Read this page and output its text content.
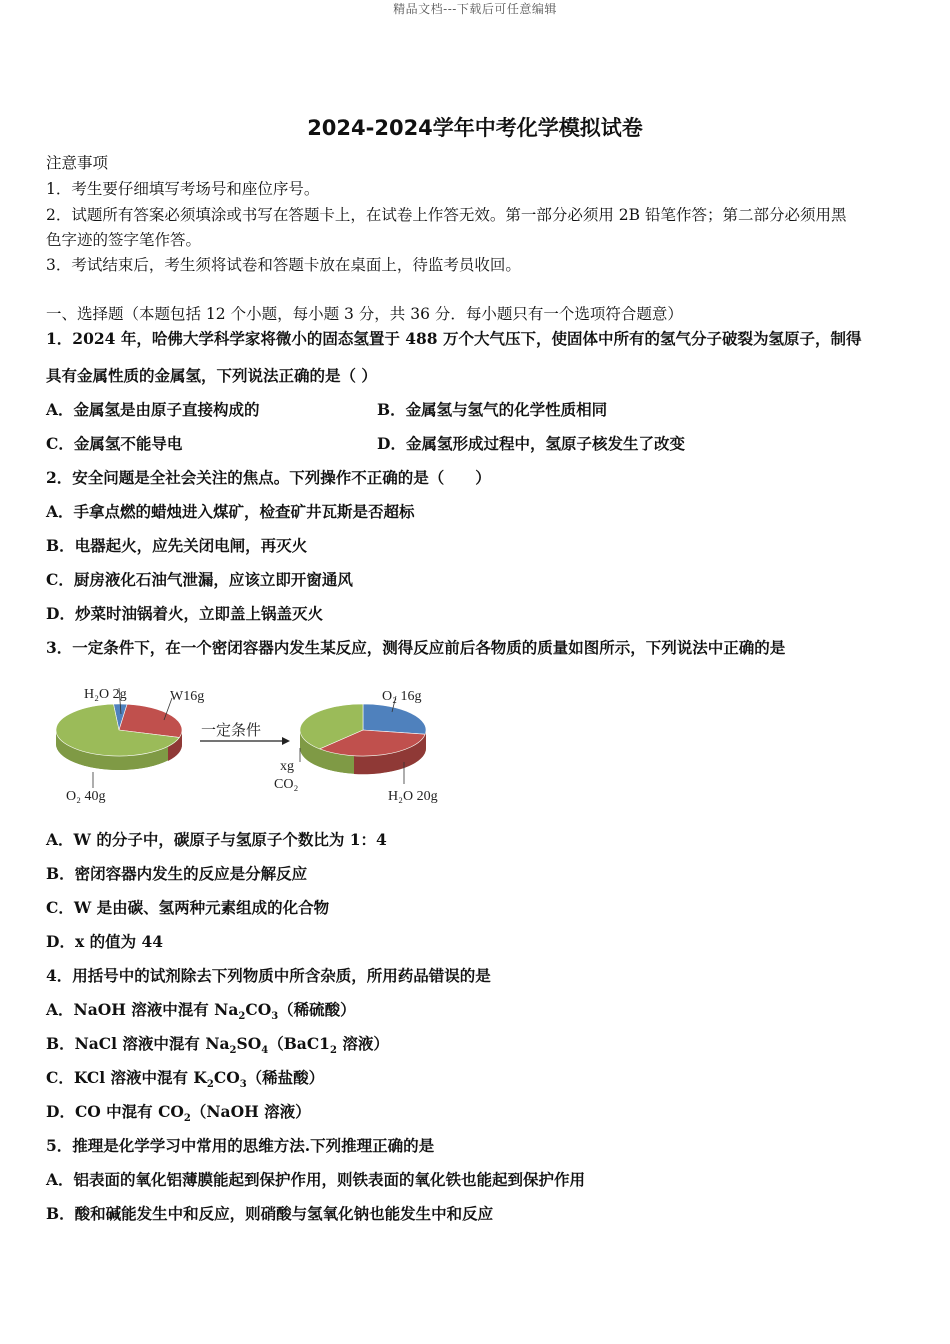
精品文档---下载后可任意编辑
2024-2024学年中考化学模拟试卷
注意事项
1．考生要仔细填写考场号和座位序号。
2．试题所有答案必须填涂或书写在答题卡上，在试卷上作答无效。第一部分必须用 2B 铅笔作答；第二部分必须用黑
色字迹的签字笔作答。
3．考试结束后，考生须将试卷和答题卡放在桌面上，待监考员收回。
一、选择题（本题包括 12 个小题，每小题 3 分，共 36 分．每小题只有一个选项符合题意）
1．2024 年，哈佛大学科学家将微小的固态氢置于 488 万个大气压下，使固体中所有的氢气分子破裂为氢原子，制得
具有金属性质的金属氢，下列说法正确的是（ ）
A．金属氢是由原子直接构成的	B．金属氢与氢气的化学性质相同
C．金属氢不能导电	D．金属氢形成过程中，氢原子核发生了改变
2．安全问题是全社会关注的焦点。下列操作不正确的是（　　）
A．手拿点燃的蜡烛进入煤矿，检查矿井瓦斯是否超标
B．电器起火，应先关闭电闸，再灭火
C．厨房液化石油气泄漏，应该立即开窗通风
D．炒菜时油锅着火，立即盖上锅盖灭火
3．一定条件下，在一个密闭容器内发生某反应，测得反应前后各物质的质量如图所示，下列说法中正确的是
一定条件
H₂O 2g	W16g
O₂ 40g
O₂ 16g
xg
CO₂
H₂O 20g
A．W 的分子中，碳原子与氢原子个数比为 1：4
B．密闭容器内发生的反应是分解反应
C．W 是由碳、氢两种元素组成的化合物
D．x 的值为 44
4．用括号中的试剂除去下列物质中所含杂质，所用药品错误的是
A．NaOH 溶液中混有 $Na_2CO_3$（稀硫酸）
B．NaCl 溶液中混有 $Na_2SO_4(BaC1_2$ 溶液）
C．KCl 溶液中混有 $K_2CO_3$（稀盐酸）
D．CO 中混有 $CO_2(NaOH$ 溶液）
5．推理是化学学习中常用的思维方法.下列推理正确的是
A．铝表面的氧化铝薄膜能起到保护作用，则铁表面的氧化铁也能起到保护作用
B．酸和碱能发生中和反应，则硝酸与氢氧化钠也能发生中和反应
